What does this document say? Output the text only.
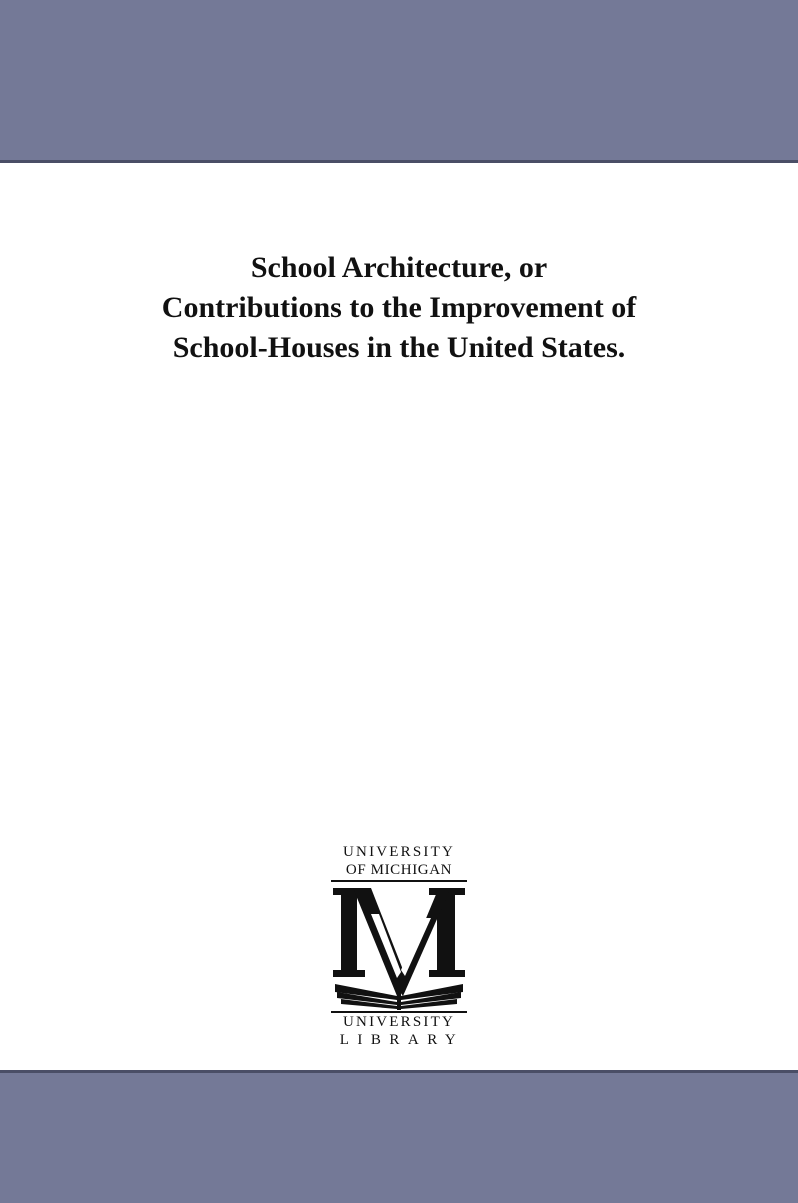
School Architecture, or
Contributions to the Improvement of
School-Houses in the United States.
UNIVERSITY
OF MICHIGAN
UNIVERSITY
LIBRARY
